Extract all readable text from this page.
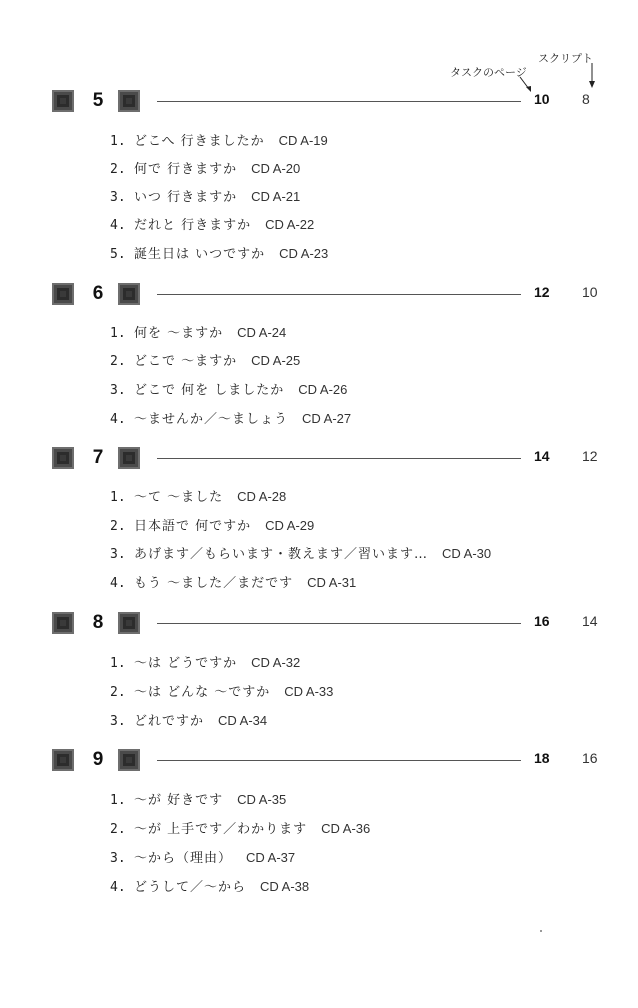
スクリプト
タスクのページ
5	10	8
1. どこへ 行きましたか CD A-19
2. 何で 行きますか CD A-20
3. いつ 行きますか CD A-21
4. だれと 行きますか CD A-22
5. 誕生日は いつですか CD A-23
6	12	10
1. 何を ～ますか CD A-24
2. どこで ～ますか CD A-25
3. どこで 何を しましたか CD A-26
4. ～ませんか／～ましょう CD A-27
7	14	12
1. ～て ～ました CD A-28
2. 日本語で 何ですか CD A-29
3. あげます／もらいます・教えます／習います… CD A-30
4. もう ～ました／まだです CD A-31
8	16	14
1. ～は どうですか CD A-32
2. ～は どんな ～ですか CD A-33
3. どれですか CD A-34
9	18	16
1. ～が 好きです CD A-35
2. ～が 上手です／わかります CD A-36
3. ～から（理由） CD A-37
4. どうして／～から CD A-38
